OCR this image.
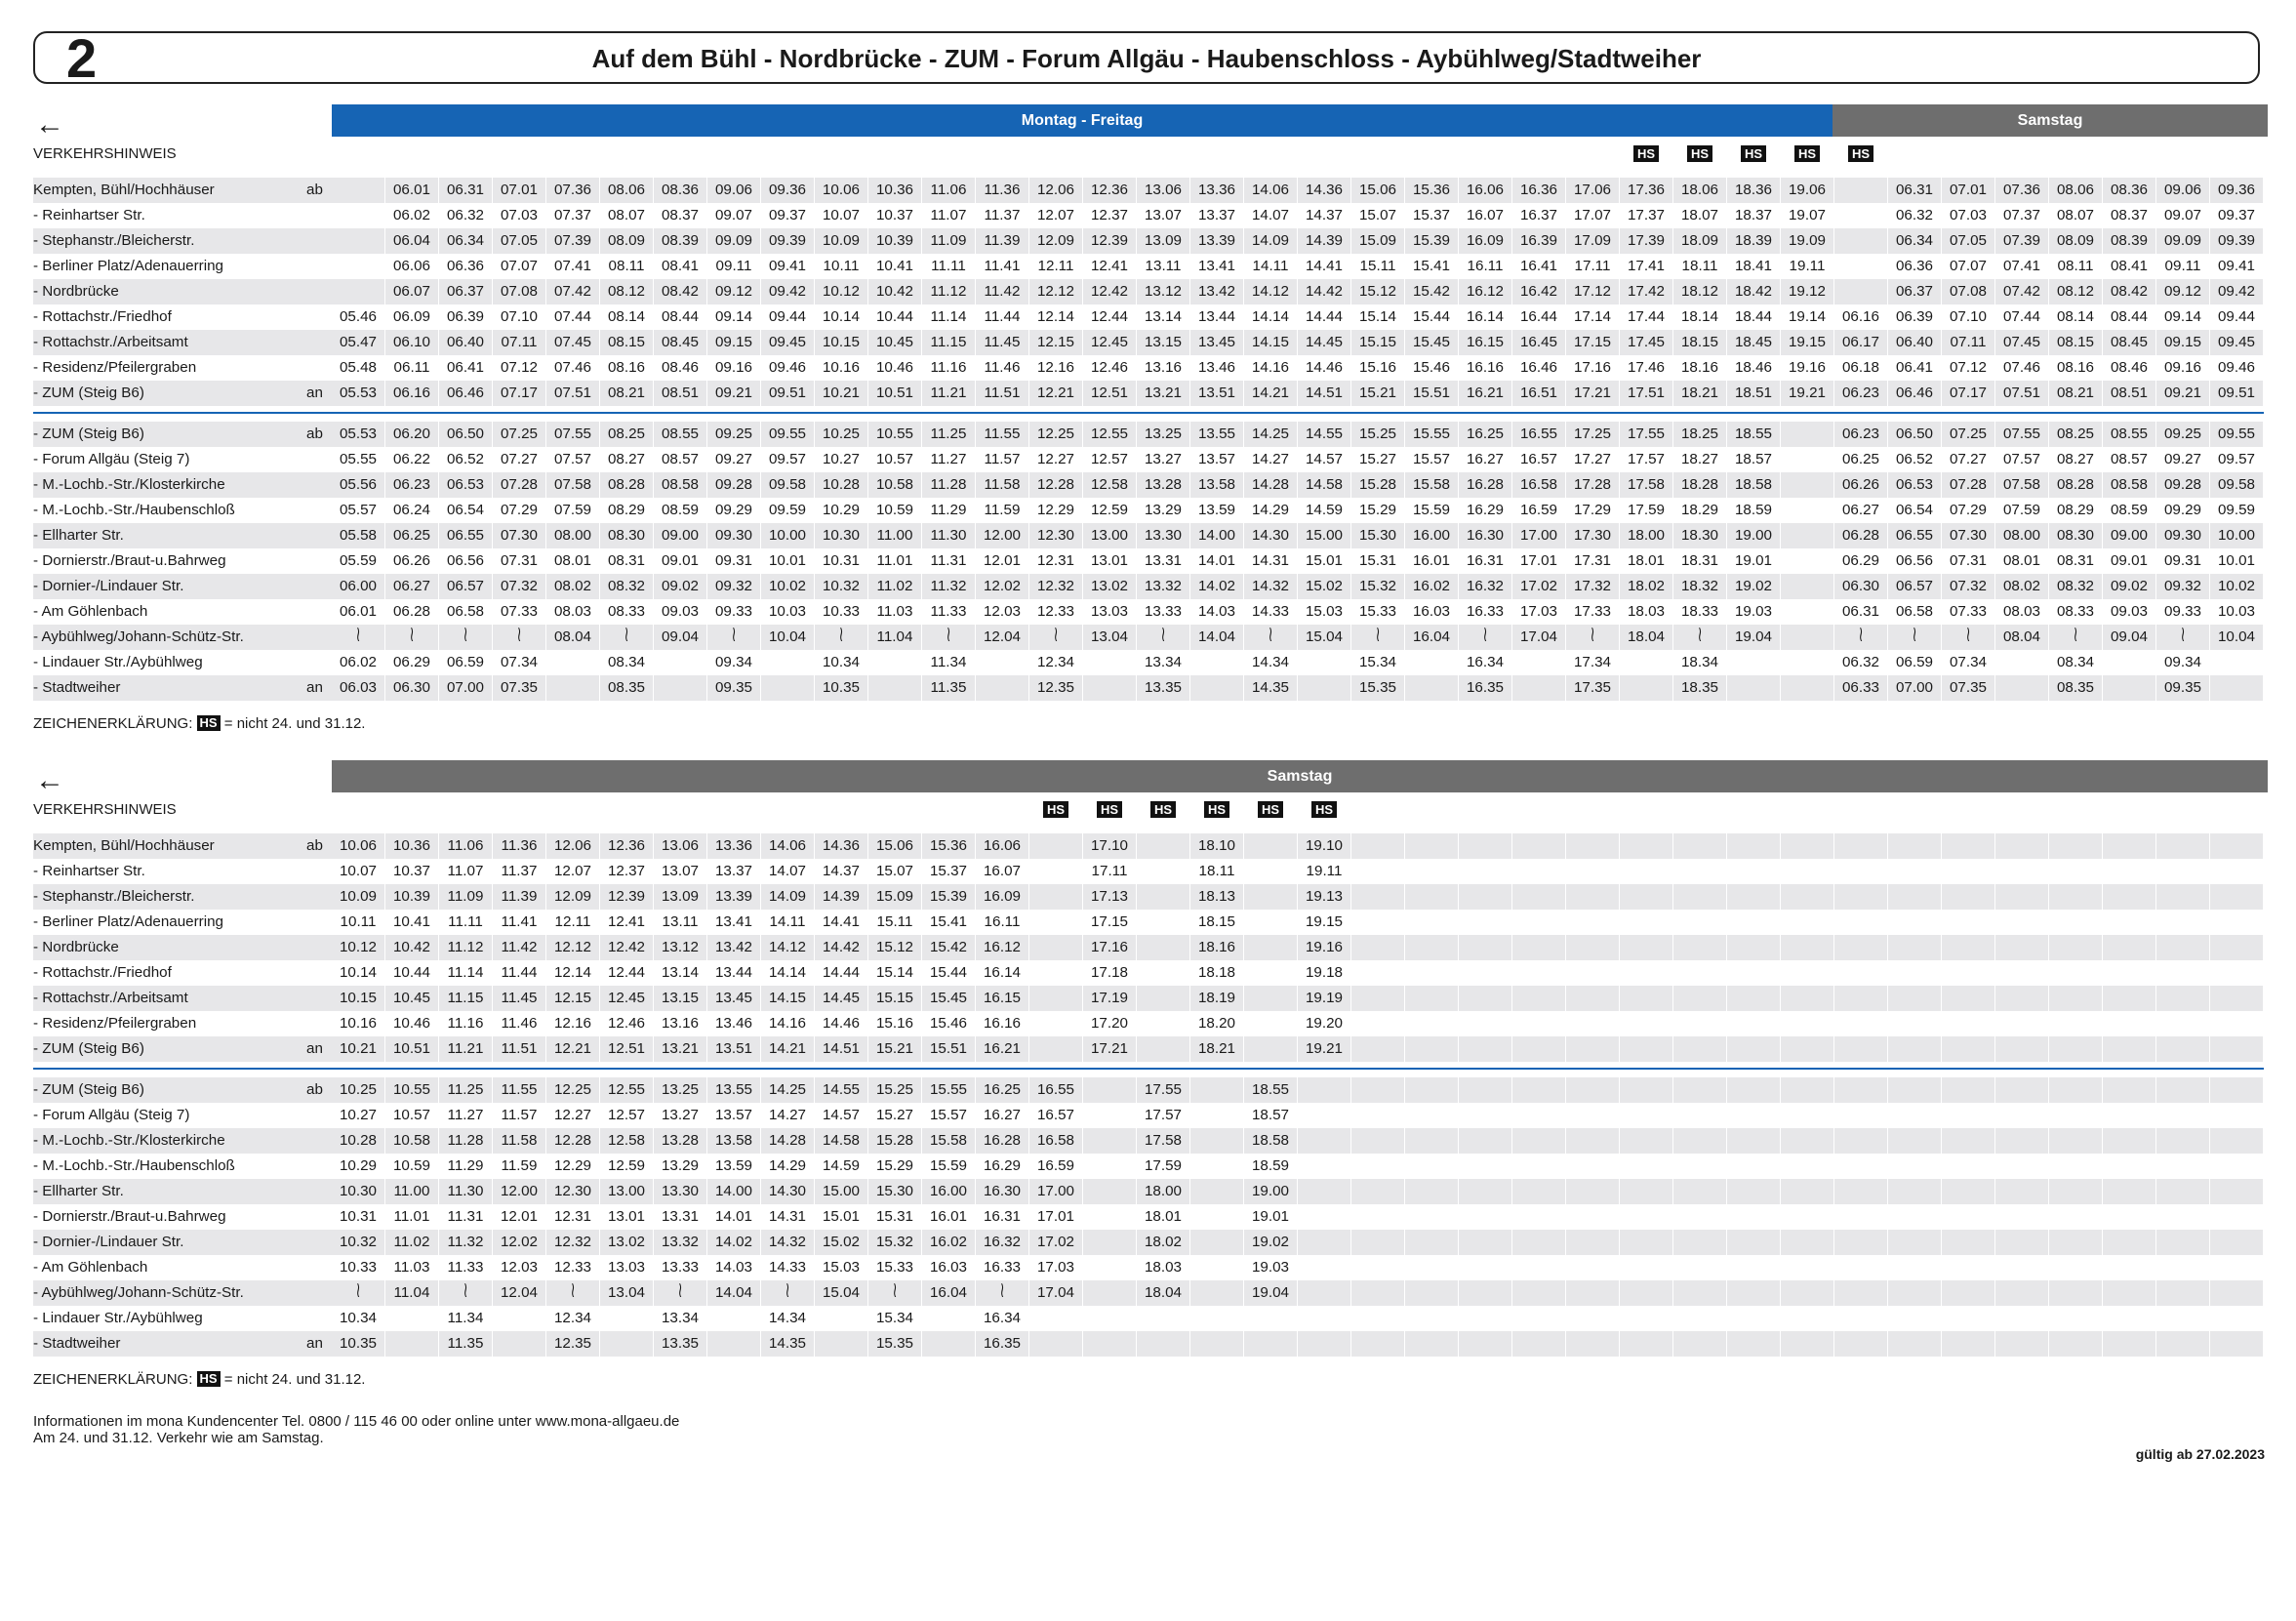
2	Auf dem Bühl - Nordbrücke - ZUM - Forum Allgäu - Haubenschloss - Aybühlweg/Stadtweiher
←	Montag - Freitag	Samstag
VERKEHRSHINWEIS	HS	HS	HS	HS	HS
Kempten, Bühl/Hochhäuser	ab		06.01	06.31	07.01	07.36	08.06	08.36	09.06	09.36	10.06	10.36	11.06	11.36	12.06	12.36	13.06	13.36	14.06	14.36	15.06	15.36	16.06	16.36	17.06	17.36	18.06	18.36	19.06		06.31	07.01	07.36	08.06	08.36	09.06	09.36
- Reinhartser Str.			06.02	06.32	07.03	07.37	08.07	08.37	09.07	09.37	10.07	10.37	11.07	11.37	12.07	12.37	13.07	13.37	14.07	14.37	15.07	15.37	16.07	16.37	17.07	17.37	18.07	18.37	19.07		06.32	07.03	07.37	08.07	08.37	09.07	09.37
- Stephanstr./Bleicherstr.			06.04	06.34	07.05	07.39	08.09	08.39	09.09	09.39	10.09	10.39	11.09	11.39	12.09	12.39	13.09	13.39	14.09	14.39	15.09	15.39	16.09	16.39	17.09	17.39	18.09	18.39	19.09		06.34	07.05	07.39	08.09	08.39	09.09	09.39
- Berliner Platz/Adenauerring			06.06	06.36	07.07	07.41	08.11	08.41	09.11	09.41	10.11	10.41	11.11	11.41	12.11	12.41	13.11	13.41	14.11	14.41	15.11	15.41	16.11	16.41	17.11	17.41	18.11	18.41	19.11		06.36	07.07	07.41	08.11	08.41	09.11	09.41
- Nordbrücke			06.07	06.37	07.08	07.42	08.12	08.42	09.12	09.42	10.12	10.42	11.12	11.42	12.12	12.42	13.12	13.42	14.12	14.42	15.12	15.42	16.12	16.42	17.12	17.42	18.12	18.42	19.12		06.37	07.08	07.42	08.12	08.42	09.12	09.42
- Rottachstr./Friedhof		05.46	06.09	06.39	07.10	07.44	08.14	08.44	09.14	09.44	10.14	10.44	11.14	11.44	12.14	12.44	13.14	13.44	14.14	14.44	15.14	15.44	16.14	16.44	17.14	17.44	18.14	18.44	19.14	06.16	06.39	07.10	07.44	08.14	08.44	09.14	09.44
- Rottachstr./Arbeitsamt		05.47	06.10	06.40	07.11	07.45	08.15	08.45	09.15	09.45	10.15	10.45	11.15	11.45	12.15	12.45	13.15	13.45	14.15	14.45	15.15	15.45	16.15	16.45	17.15	17.45	18.15	18.45	19.15	06.17	06.40	07.11	07.45	08.15	08.45	09.15	09.45
- Residenz/Pfeilergraben		05.48	06.11	06.41	07.12	07.46	08.16	08.46	09.16	09.46	10.16	10.46	11.16	11.46	12.16	12.46	13.16	13.46	14.16	14.46	15.16	15.46	16.16	16.46	17.16	17.46	18.16	18.46	19.16	06.18	06.41	07.12	07.46	08.16	08.46	09.16	09.46
- ZUM (Steig B6)	an	05.53	06.16	06.46	07.17	07.51	08.21	08.51	09.21	09.51	10.21	10.51	11.21	11.51	12.21	12.51	13.21	13.51	14.21	14.51	15.21	15.51	16.21	16.51	17.21	17.51	18.21	18.51	19.21	06.23	06.46	07.17	07.51	08.21	08.51	09.21	09.51

- ZUM (Steig B6)	ab	05.53	06.20	06.50	07.25	07.55	08.25	08.55	09.25	09.55	10.25	10.55	11.25	11.55	12.25	12.55	13.25	13.55	14.25	14.55	15.25	15.55	16.25	16.55	17.25	17.55	18.25	18.55		06.23	06.50	07.25	07.55	08.25	08.55	09.25	09.55
- Forum Allgäu (Steig 7)		05.55	06.22	06.52	07.27	07.57	08.27	08.57	09.27	09.57	10.27	10.57	11.27	11.57	12.27	12.57	13.27	13.57	14.27	14.57	15.27	15.57	16.27	16.57	17.27	17.57	18.27	18.57		06.25	06.52	07.27	07.57	08.27	08.57	09.27	09.57
- M.-Lochb.-Str./Klosterkirche		05.56	06.23	06.53	07.28	07.58	08.28	08.58	09.28	09.58	10.28	10.58	11.28	11.58	12.28	12.58	13.28	13.58	14.28	14.58	15.28	15.58	16.28	16.58	17.28	17.58	18.28	18.58		06.26	06.53	07.28	07.58	08.28	08.58	09.28	09.58
- M.-Lochb.-Str./Haubenschloß		05.57	06.24	06.54	07.29	07.59	08.29	08.59	09.29	09.59	10.29	10.59	11.29	11.59	12.29	12.59	13.29	13.59	14.29	14.59	15.29	15.59	16.29	16.59	17.29	17.59	18.29	18.59		06.27	06.54	07.29	07.59	08.29	08.59	09.29	09.59
- Ellharter Str.		05.58	06.25	06.55	07.30	08.00	08.30	09.00	09.30	10.00	10.30	11.00	11.30	12.00	12.30	13.00	13.30	14.00	14.30	15.00	15.30	16.00	16.30	17.00	17.30	18.00	18.30	19.00		06.28	06.55	07.30	08.00	08.30	09.00	09.30	10.00
- Dornierstr./Braut-u.Bahrweg		05.59	06.26	06.56	07.31	08.01	08.31	09.01	09.31	10.01	10.31	11.01	11.31	12.01	12.31	13.01	13.31	14.01	14.31	15.01	15.31	16.01	16.31	17.01	17.31	18.01	18.31	19.01		06.29	06.56	07.31	08.01	08.31	09.01	09.31	10.01
- Dornier-/Lindauer Str.		06.00	06.27	06.57	07.32	08.02	08.32	09.02	09.32	10.02	10.32	11.02	11.32	12.02	12.32	13.02	13.32	14.02	14.32	15.02	15.32	16.02	16.32	17.02	17.32	18.02	18.32	19.02		06.30	06.57	07.32	08.02	08.32	09.02	09.32	10.02
- Am Göhlenbach		06.01	06.28	06.58	07.33	08.03	08.33	09.03	09.33	10.03	10.33	11.03	11.33	12.03	12.33	13.03	13.33	14.03	14.33	15.03	15.33	16.03	16.33	17.03	17.33	18.03	18.33	19.03		06.31	06.58	07.33	08.03	08.33	09.03	09.33	10.03
- Aybühlweg/Johann-Schütz-Str.		≀	≀	≀	≀	08.04	≀	09.04	≀	10.04	≀	11.04	≀	12.04	≀	13.04	≀	14.04	≀	15.04	≀	16.04	≀	17.04	≀	18.04	≀	19.04		≀	≀	≀	08.04	≀	09.04	≀	10.04
- Lindauer Str./Aybühlweg		06.02	06.29	06.59	07.34		08.34		09.34		10.34		11.34		12.34		13.34		14.34		15.34		16.34		17.34		18.34			06.32	06.59	07.34		08.34		09.34	
- Stadtweiher	an	06.03	06.30	07.00	07.35		08.35		09.35		10.35		11.35		12.35		13.35		14.35		15.35		16.35		17.35		18.35			06.33	07.00	07.35		08.35		09.35	
ZEICHENERKLÄRUNG: HS = nicht 24. und 31.12.
←	Samstag
VERKEHRSHINWEIS	HS	HS	HS	HS	HS	HS
Kempten, Bühl/Hochhäuser	ab	10.06	10.36	11.06	11.36	12.06	12.36	13.06	13.36	14.06	14.36	15.06	15.36	16.06		17.10		18.10		19.10																	
- Reinhartser Str.		10.07	10.37	11.07	11.37	12.07	12.37	13.07	13.37	14.07	14.37	15.07	15.37	16.07		17.11		18.11		19.11																	
- Stephanstr./Bleicherstr.		10.09	10.39	11.09	11.39	12.09	12.39	13.09	13.39	14.09	14.39	15.09	15.39	16.09		17.13		18.13		19.13																	
- Berliner Platz/Adenauerring		10.11	10.41	11.11	11.41	12.11	12.41	13.11	13.41	14.11	14.41	15.11	15.41	16.11		17.15		18.15		19.15																	
- Nordbrücke		10.12	10.42	11.12	11.42	12.12	12.42	13.12	13.42	14.12	14.42	15.12	15.42	16.12		17.16		18.16		19.16																	
- Rottachstr./Friedhof		10.14	10.44	11.14	11.44	12.14	12.44	13.14	13.44	14.14	14.44	15.14	15.44	16.14		17.18		18.18		19.18																	
- Rottachstr./Arbeitsamt		10.15	10.45	11.15	11.45	12.15	12.45	13.15	13.45	14.15	14.45	15.15	15.45	16.15		17.19		18.19		19.19																	
- Residenz/Pfeilergraben		10.16	10.46	11.16	11.46	12.16	12.46	13.16	13.46	14.16	14.46	15.16	15.46	16.16		17.20		18.20		19.20																	
- ZUM (Steig B6)	an	10.21	10.51	11.21	11.51	12.21	12.51	13.21	13.51	14.21	14.51	15.21	15.51	16.21		17.21		18.21		19.21																	

- ZUM (Steig B6)	ab	10.25	10.55	11.25	11.55	12.25	12.55	13.25	13.55	14.25	14.55	15.25	15.55	16.25	16.55		17.55		18.55																		
- Forum Allgäu (Steig 7)		10.27	10.57	11.27	11.57	12.27	12.57	13.27	13.57	14.27	14.57	15.27	15.57	16.27	16.57		17.57		18.57																		
- M.-Lochb.-Str./Klosterkirche		10.28	10.58	11.28	11.58	12.28	12.58	13.28	13.58	14.28	14.58	15.28	15.58	16.28	16.58		17.58		18.58																		
- M.-Lochb.-Str./Haubenschloß		10.29	10.59	11.29	11.59	12.29	12.59	13.29	13.59	14.29	14.59	15.29	15.59	16.29	16.59		17.59		18.59																		
- Ellharter Str.		10.30	11.00	11.30	12.00	12.30	13.00	13.30	14.00	14.30	15.00	15.30	16.00	16.30	17.00		18.00		19.00																		
- Dornierstr./Braut-u.Bahrweg		10.31	11.01	11.31	12.01	12.31	13.01	13.31	14.01	14.31	15.01	15.31	16.01	16.31	17.01		18.01		19.01																		
- Dornier-/Lindauer Str.		10.32	11.02	11.32	12.02	12.32	13.02	13.32	14.02	14.32	15.02	15.32	16.02	16.32	17.02		18.02		19.02																		
- Am Göhlenbach		10.33	11.03	11.33	12.03	12.33	13.03	13.33	14.03	14.33	15.03	15.33	16.03	16.33	17.03		18.03		19.03																		
- Aybühlweg/Johann-Schütz-Str.		≀	11.04	≀	12.04	≀	13.04	≀	14.04	≀	15.04	≀	16.04	≀	17.04		18.04		19.04																		
- Lindauer Str./Aybühlweg		10.34		11.34		12.34		13.34		14.34		15.34		16.34																							
- Stadtweiher	an	10.35		11.35		12.35		13.35		14.35		15.35		16.35																							
ZEICHENERKLÄRUNG: HS = nicht 24. und 31.12.
Informationen im mona Kundencenter Tel. 0800 / 115 46 00 oder online unter www.mona-allgaeu.de
Am 24. und 31.12. Verkehr wie am Samstag.
gültig ab 27.02.2023
